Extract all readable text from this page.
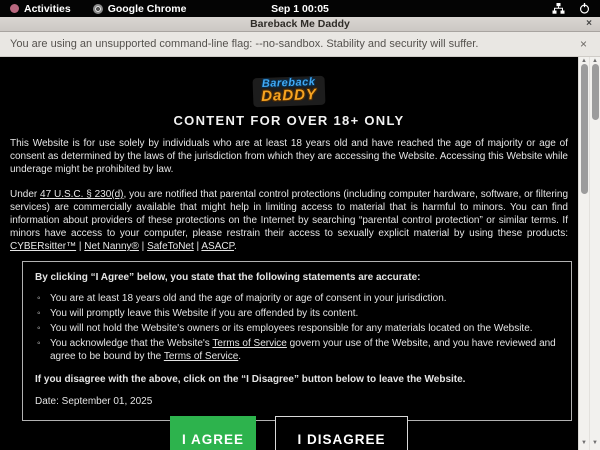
Activities	Google Chrome	Sep 1 00:05
Bareback Me Daddy	×
You are using an unsupported command-line flag: --no-sandbox. Stability and security will suffer.	×
Bareback
DaDDY
CONTENT FOR OVER 18+ ONLY

This Website is for use solely by individuals who are at least 18 years old and have reached the age of majority or age of consent as determined by the laws of the jurisdiction from which they are accessing the Website. Accessing this Website while underage might be prohibited by law.

Under 47 U.S.C. § 230(d), you are notified that parental control protections (including computer hardware, software, or filtering services) are commercially available that might help in limiting access to material that is harmful to minors. You can find information about providers of these protections on the Internet by searching “parental control protection” or similar terms. If minors have access to your computer, please restrain their access to sexually explicit material by using these products: CYBERsitter™ | Net Nanny® | SafeToNet | ASACP.

By clicking “I Agree” below, you state that the following statements are accurate:
◦ You are at least 18 years old and the age of majority or age of consent in your jurisdiction.
◦ You will promptly leave this Website if you are offended by its content.
◦ You will not hold the Website's owners or its employees responsible for any materials located on the Website.
◦ You acknowledge that the Website's Terms of Service govern your use of the Website, and you have reviewed and agree to be bound by the Terms of Service.
If you disagree with the above, click on the “I Disagree” button below to leave the Website.
Date: September 01, 2025
I AGREE	I DISAGREE
▲
▼
▲
▼
